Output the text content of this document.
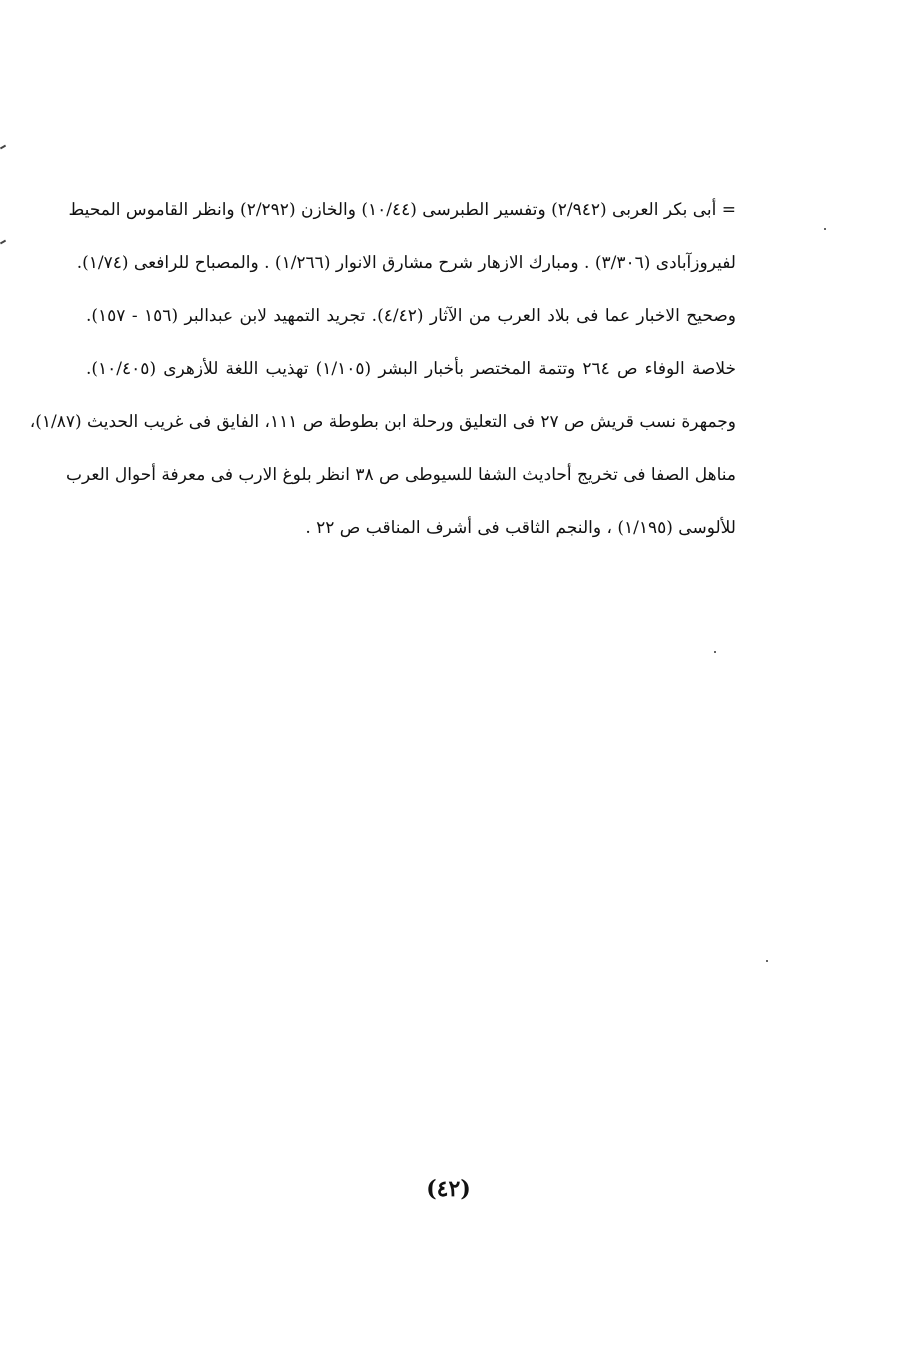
= أبى بكر العربى (٢/٩٤٢) وتفسير الطبرسى (١٠/٤٤) والخازن (٢/٢٩٢) وانظر القاموس المحيط
لفيروزآبادى (٣/٣٠٦) . ومبارك الازهار شرح مشارق الانوار (١/٢٦٦) . والمصباح للرافعى (١/٧٤).
وصحيح الاخبار عما فى بلاد العرب من الآثار (٤/٤٢). تجريد التمهيد لابن عبدالبر (١٥٦ - ١٥٧).
خلاصة الوفاء ص ٢٦٤ وتتمة المختصر بأخبار البشر (١/١٠٥) تهذيب اللغة للأزهرى (١٠/٤٠٥).
وجمهرة نسب قريش ص ٢٧ فى التعليق ورحلة ابن بطوطة ص ١١١، الفايق فى غريب الحديث (١/٨٧)،
مناهل الصفا فى تخريج أحاديث الشفا للسيوطى ص ٣٨ انظر بلوغ الارب فى معرفة أحوال العرب
للألوسى (١/١٩٥) ، والنجم الثاقب فى أشرف المناقب ص ٢٢ .
(٤٢)
